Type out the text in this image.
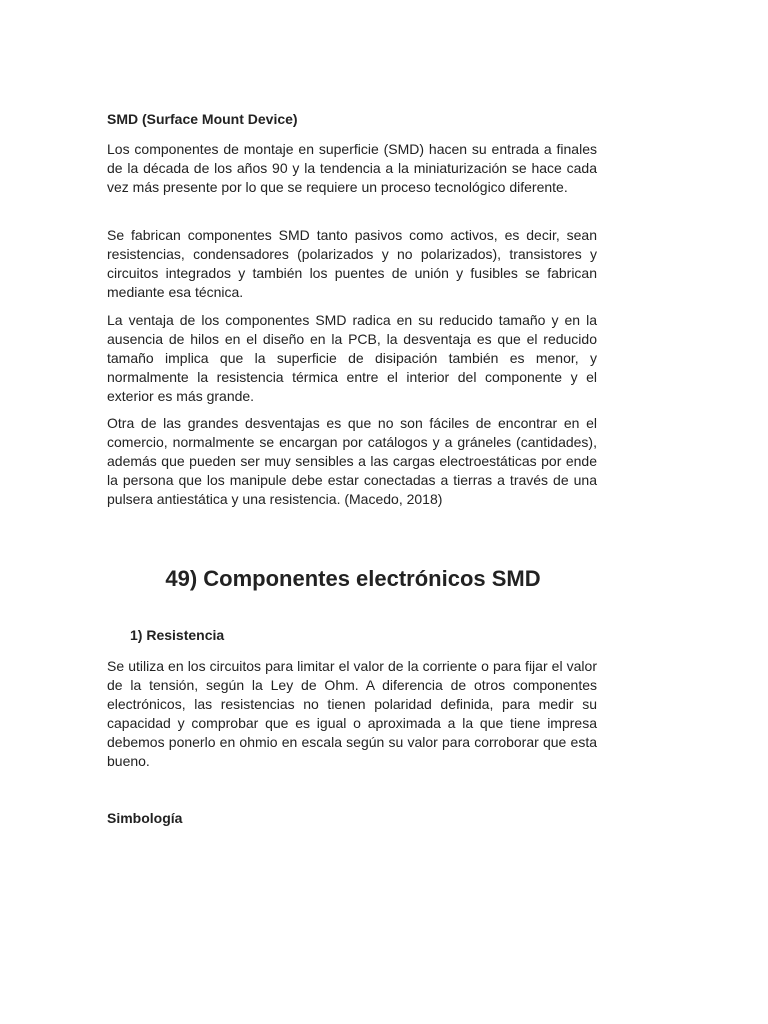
SMD (Surface Mount Device)

Los componentes de montaje en superficie (SMD) hacen su entrada a finales de la década de los años 90 y la tendencia a la miniaturización se hace cada vez más presente por lo que se requiere un proceso tecnológico diferente.

Se fabrican componentes SMD tanto pasivos como activos, es decir, sean resistencias, condensadores (polarizados y no polarizados), transistores y circuitos integrados y también los puentes de unión y fusibles se fabrican mediante esa técnica.

La ventaja de los componentes SMD radica en su reducido tamaño y en la ausencia de hilos en el diseño en la PCB, la desventaja es que el reducido tamaño implica que la superficie de disipación también es menor, y normalmente la resistencia térmica entre el interior del componente y el exterior es más grande.

Otra de las grandes desventajas es que no son fáciles de encontrar en el comercio, normalmente se encargan por catálogos y a gráneles (cantidades), además que pueden ser muy sensibles a las cargas electroestáticas por ende la persona que los manipule debe estar conectadas a tierras a través de una pulsera antiestática y una resistencia. (Macedo, 2018)

49) Componentes electrónicos SMD
1) Resistencia

Se utiliza en los circuitos para limitar el valor de la corriente o para fijar el valor de la tensión, según la Ley de Ohm. A diferencia de otros componentes electrónicos, las resistencias no tienen polaridad definida, para medir su capacidad y comprobar que es igual o aproximada a la que tiene impresa debemos ponerlo en ohmio en escala según su valor para corroborar que esta bueno.

Simbología
